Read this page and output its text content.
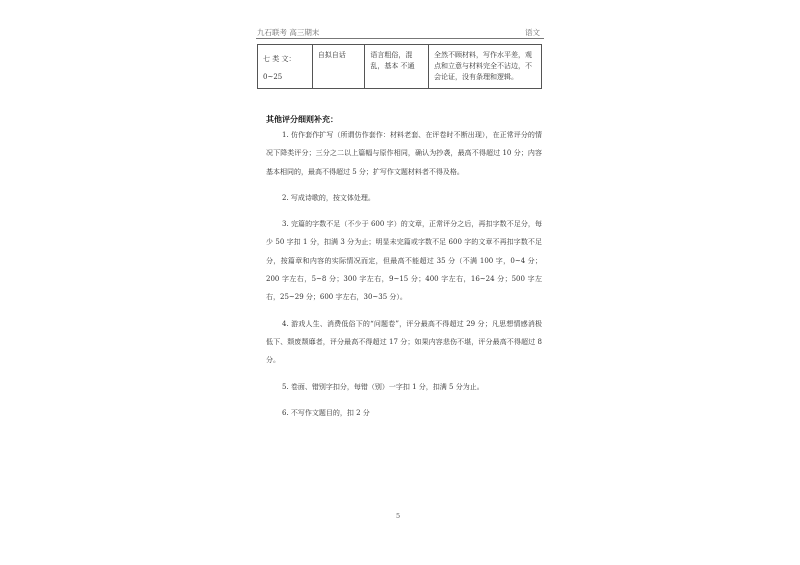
九石联考 高三期末	语文
七 类 文：
0~25
	自拟自话	语言粗俗，混乱，基本 不通	全然不顾材料，写作水平差，观点和立意与材料完全不沾边，不会论证，没有条理和逻辑。
其他评分细则补充：

1. 仿作套作扩写（所谓仿作套作：材料老套、在评卷时不断出现），在正常评分的情况下降类评分；三分之二以上篇幅与原作相同，确认为抄袭，最高不得超过 10 分；内容基本相同的，最高不得超过 5 分；扩写作文题材料者不得及格。

2. 写成诗歌的，按文体处理。

3. 完篇的字数不足（不少于 600 字）的文章，正常评分之后，再扣字数不足分，每少 50 字扣 1 分，扣满 3 分为止；明显未完篇或字数不足 600 字的文章不再扣字数不足分，按篇章和内容的实际情况而定，但最高不能超过 35 分（不满 100 字，0~4 分；200 字左右，5~8 分；300 字左右，9~15 分；400 字左右，16~24 分；500 字左右，25~29 分；600 字左右，30~35 分）。

4. 游戏人生、消费低俗下的“问题卷”，评分最高不得超过 29 分；凡思想情感消极低下、颓废颓靡者，评分最高不得超过 17 分；如果内容悲伤不堪，评分最高不得超过 8 分。

5. 卷面、错别字扣分，每错（别）一字扣 1 分，扣满 5 分为止。

6. 不写作文题目的，扣 2 分

5
